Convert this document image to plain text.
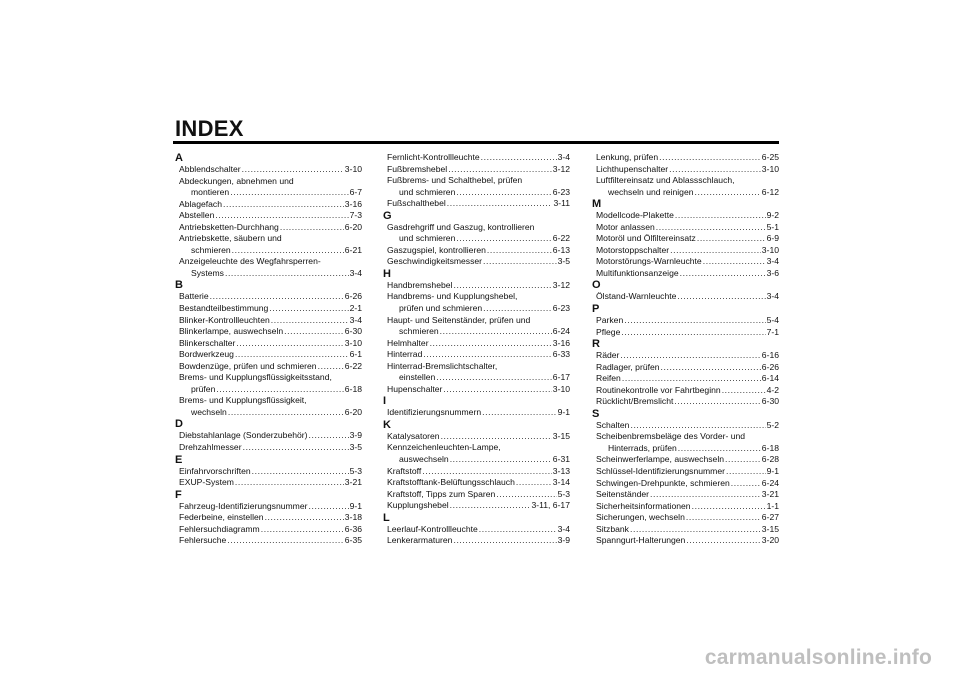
INDEX
A
Abblendschalter .....	3-10
Abdeckungen, abnehmen und
montieren .....	6-7
Ablagefach .....	3-16
Abstellen .....	7-3
Antriebsketten-Durchhang .....	6-20
Antriebskette, säubern und
schmieren .....	6-21
Anzeigeleuchte des Wegfahrsperren-
Systems .....	3-4
B
Batterie .....	6-26
Bestandteilbestimmung .....	2-1
Blinker-Kontrollleuchten .....	3-4
Blinkerlampe, auswechseln .....	6-30
Blinkerschalter .....	3-10
Bordwerkzeug .....	6-1
Bowdenzüge, prüfen und schmieren .....	6-22
Brems- und Kupplungsflüssigkeitsstand,
prüfen .....	6-18
Brems- und Kupplungsflüssigkeit,
wechseln .....	6-20
D
Diebstahlanlage (Sonderzubehör) .....	3-9
Drehzahlmesser .....	3-5
E
Einfahrvorschriften .....	5-3
EXUP-System .....	3-21
F
Fahrzeug-Identifizierungsnummer .....	9-1
Federbeine, einstellen .....	3-18
Fehlersuchdiagramm .....	6-36
Fehlersuche .....	6-35
Fernlicht-Kontrollleuchte .....	3-4
Fußbremshebel .....	3-12
Fußbrems- und Schalthebel, prüfen
und schmieren .....	6-23
Fußschalthebel .....	3-11
G
Gasdrehgriff und Gaszug, kontrollieren
und schmieren .....	6-22
Gaszugspiel, kontrollieren .....	6-13
Geschwindigkeitsmesser .....	3-5
H
Handbremshebel .....	3-12
Handbrems- und Kupplungshebel,
prüfen und schmieren .....	6-23
Haupt- und Seitenständer, prüfen und
schmieren .....	6-24
Helmhalter .....	3-16
Hinterrad .....	6-33
Hinterrad-Bremslichtschalter,
einstellen .....	6-17
Hupenschalter .....	3-10
I
Identifizierungsnummern .....	9-1
K
Katalysatoren .....	3-15
Kennzeichenleuchten-Lampe,
auswechseln .....	6-31
Kraftstoff .....	3-13
Kraftstofftank-Belüftungsschlauch .....	3-14
Kraftstoff, Tipps zum Sparen .....	5-3
Kupplungshebel .....	3-11, 6-17
L
Leerlauf-Kontrollleuchte .....	3-4
Lenkerarmaturen .....	3-9
Lenkung, prüfen .....	6-25
Lichthupenschalter .....	3-10
Luftfiltereinsatz und Ablassschlauch,
wechseln und reinigen .....	6-12
M
Modellcode-Plakette .....	9-2
Motor anlassen .....	5-1
Motoröl und Ölfiltereinsatz .....	6-9
Motorstoppschalter .....	3-10
Motorstörungs-Warnleuchte .....	3-4
Multifunktionsanzeige .....	3-6
O
Ölstand-Warnleuchte .....	3-4
P
Parken .....	5-4
Pflege .....	7-1
R
Räder .....	6-16
Radlager, prüfen .....	6-26
Reifen .....	6-14
Routinekontrolle vor Fahrtbeginn .....	4-2
Rücklicht/Bremslicht .....	6-30
S
Schalten .....	5-2
Scheibenbremsbeläge des Vorder- und
Hinterrads, prüfen .....	6-18
Scheinwerferlampe, auswechseln .....	6-28
Schlüssel-Identifizierungsnummer .....	9-1
Schwingen-Drehpunkte, schmieren .....	6-24
Seitenständer .....	3-21
Sicherheitsinformationen .....	1-1
Sicherungen, wechseln .....	6-27
Sitzbank .....	3-15
Spanngurt-Halterungen .....	3-20

carmanualsonline.info
